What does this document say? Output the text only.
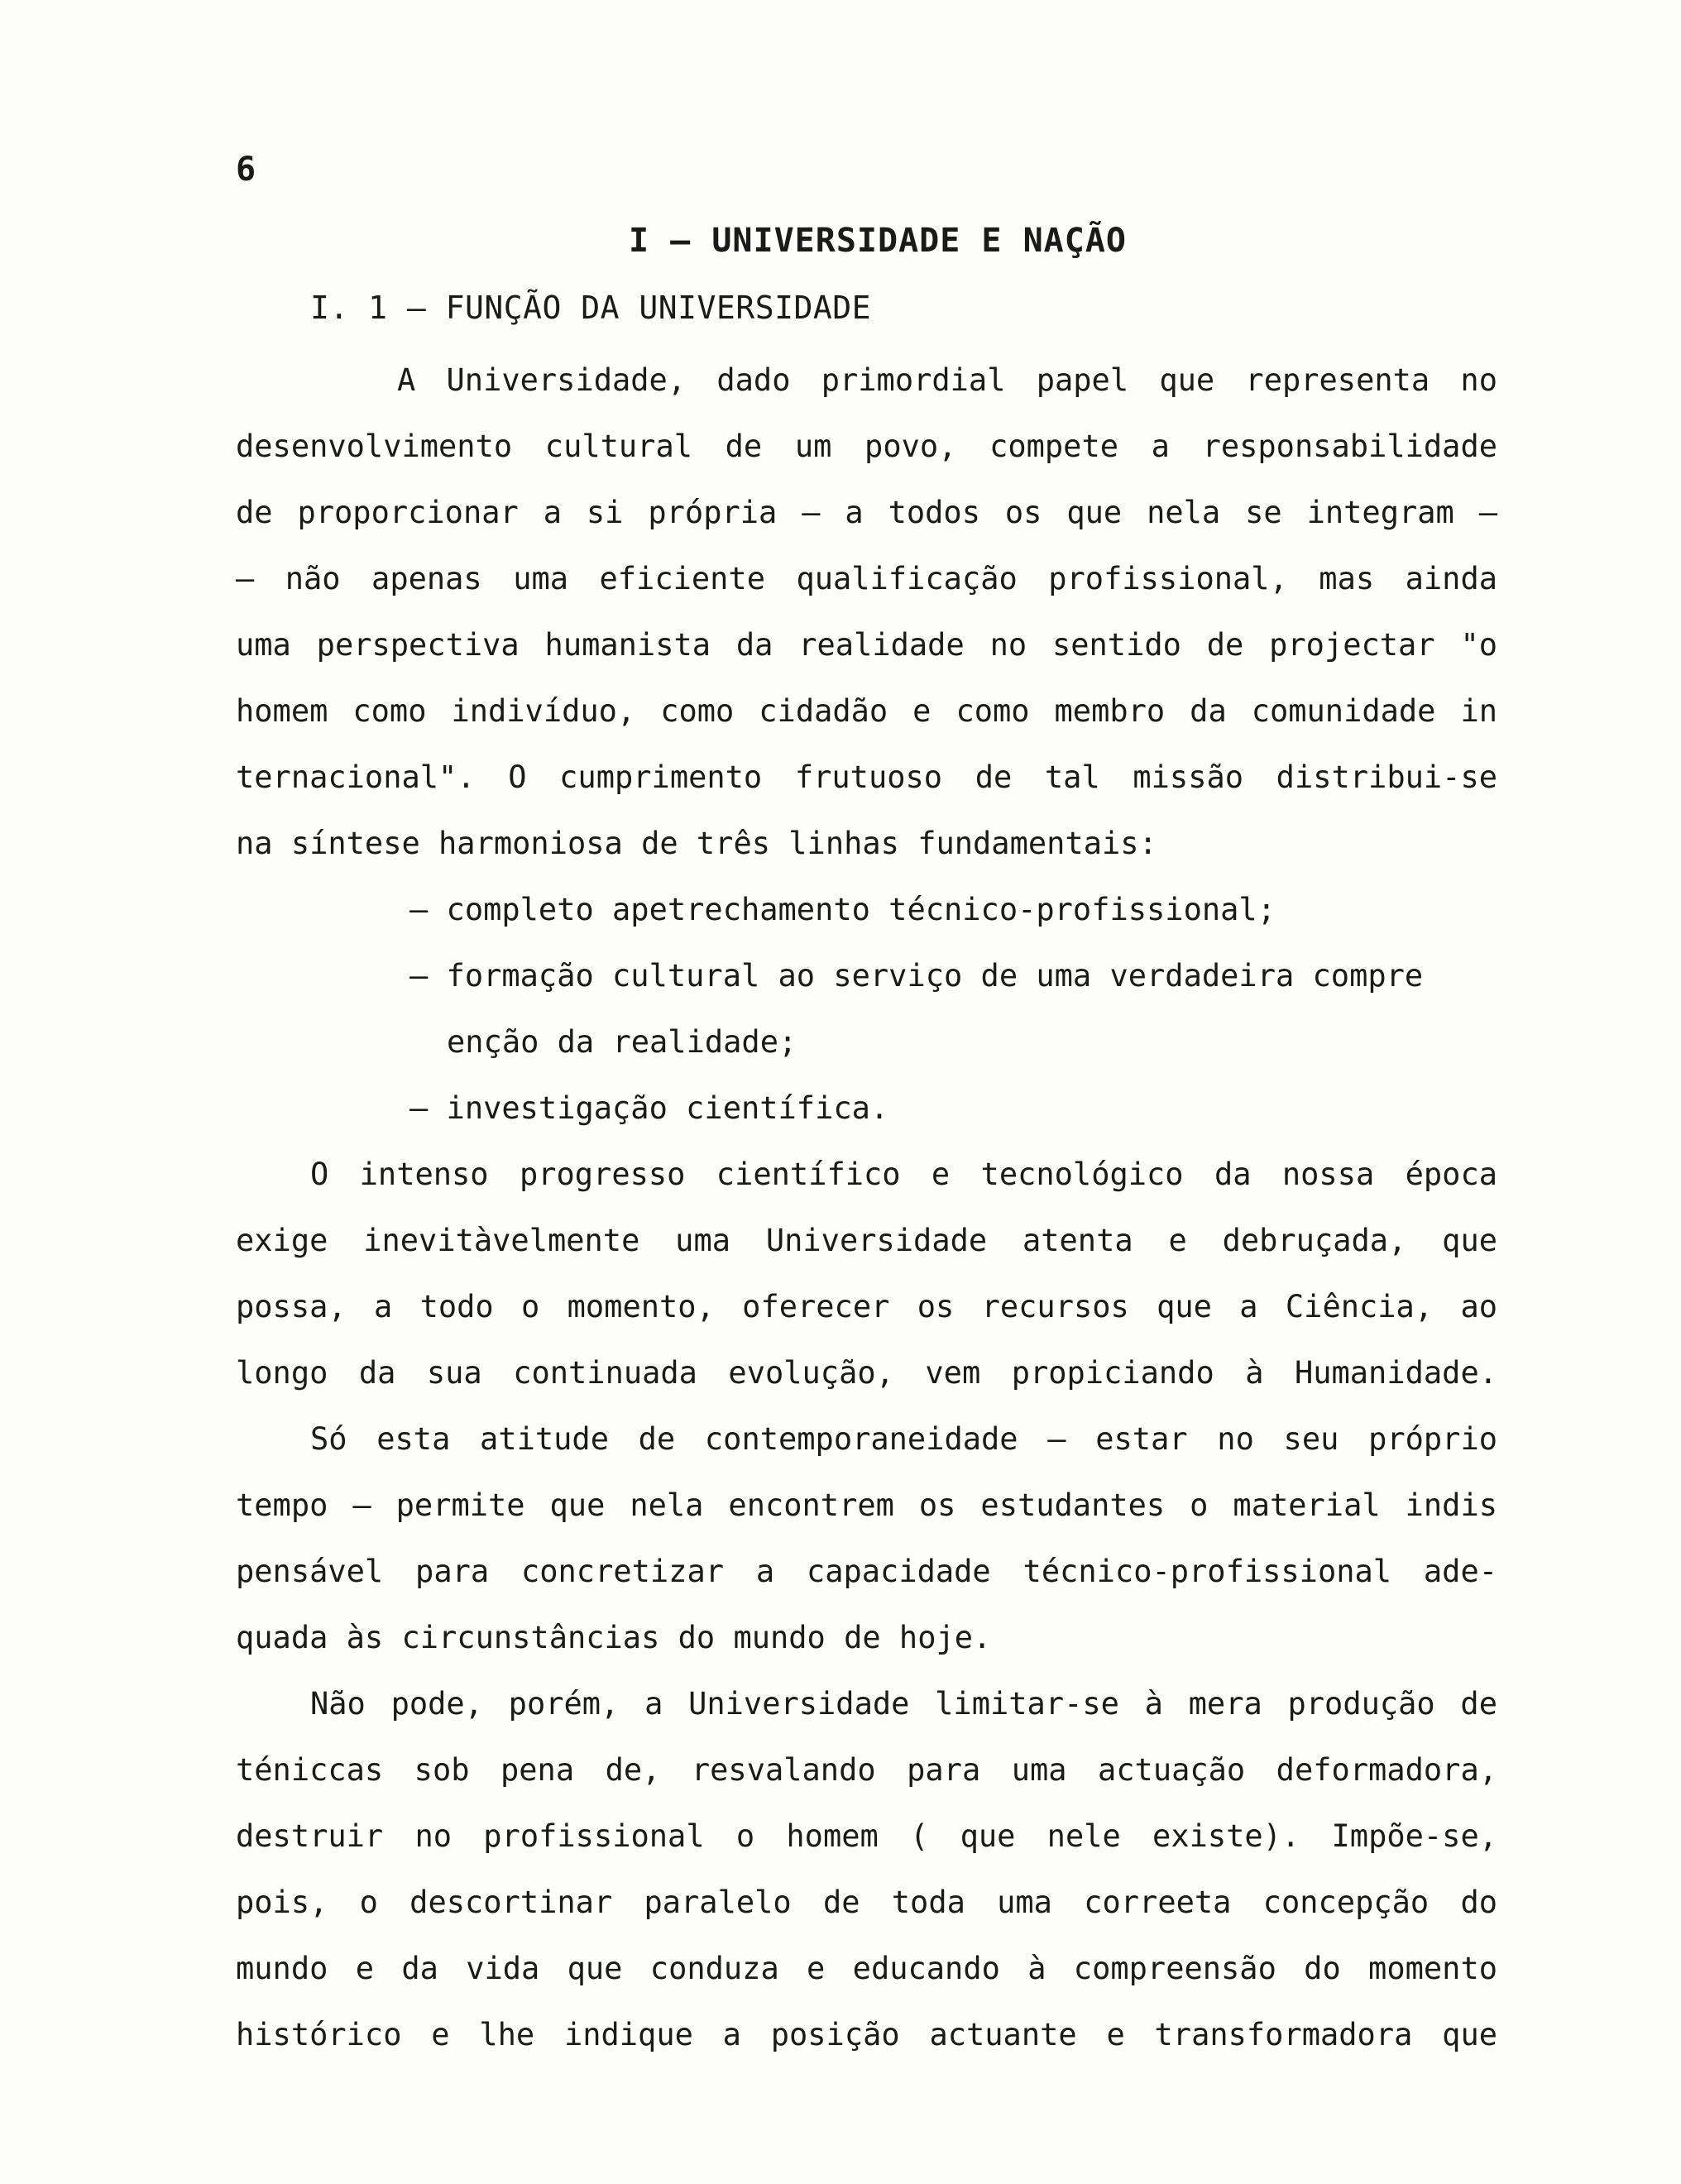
6
I – UNIVERSIDADE E NAÇÃO
I. 1 – FUNÇÃO DA UNIVERSIDADE
A Universidade, dado primordial papel que representa no
desenvolvimento cultural de um povo, compete a responsabilidade
de proporcionar a si própria – a todos os que nela se integram –
– não apenas uma eficiente qualificação profissional, mas ainda
uma perspectiva humanista da realidade no sentido de projectar "o
homem como indivíduo, como cidadão e como membro da comunidade in
ternacional". O cumprimento frutuoso de tal missão distribui-se
na síntese harmoniosa de três linhas fundamentais:
– completo apetrechamento técnico-profissional;
– formação cultural ao serviço de uma verdadeira compre
enção da realidade;
– investigação científica.
O intenso progresso científico e tecnológico da nossa época
exige inevitàvelmente uma Universidade atenta e debruçada, que
possa, a todo o momento, oferecer os recursos que a Ciência, ao
longo da sua continuada evolução, vem propiciando à Humanidade.
Só esta atitude de contemporaneidade – estar no seu próprio
tempo – permite que nela encontrem os estudantes o material indis
pensável para concretizar a capacidade técnico-profissional ade-
quada às circunstâncias do mundo de hoje.
Não pode, porém, a Universidade limitar-se à mera produção de
téniccas sob pena de, resvalando para uma actuação deformadora,
destruir no profissional o homem ( que nele existe). Impõe-se,
pois, o descortinar paralelo de toda uma correeta concepção do
mundo e da vida que conduza e educando à compreensão do momento
histórico e lhe indique a posição actuante e transformadora que
